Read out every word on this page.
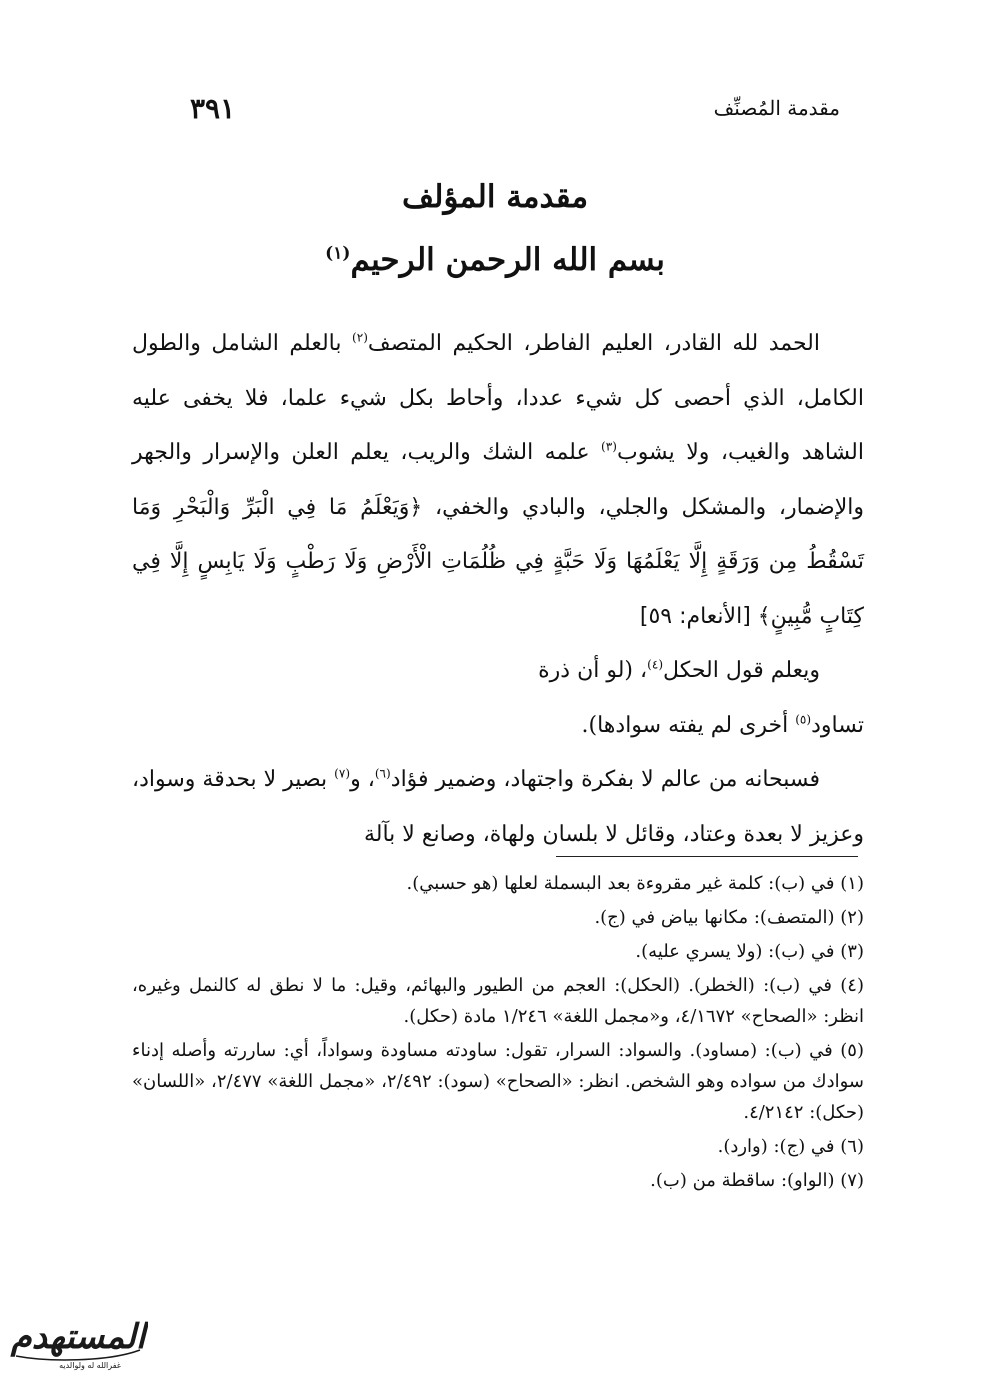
مقدمة المُصنِّف
٣٩١
مقدمة المؤلف
بسم الله الرحمن الرحيم$^{(١)}$

الحمد لله القادر، العليم الفاطر، الحكيم المتصف$^{(٢)}$ بالعلم الشامل والطول الكامل، الذي أحصى كل شيء عددا، وأحاط بكل شيء علما، فلا يخفى عليه الشاهد والغيب، ولا يشوب$^{(٣)}$ علمه الشك والريب، يعلم العلن والإسرار والجهر والإضمار، والمشكل والجلي، والبادي والخفي، ﴿وَيَعْلَمُ مَا فِي الْبَرِّ وَالْبَحْرِ وَمَا تَسْقُطُ مِن وَرَقَةٍ إِلَّا يَعْلَمُهَا وَلَا حَبَّةٍ فِي ظُلُمَاتِ الْأَرْضِ وَلَا رَطْبٍ وَلَا يَابِسٍ إِلَّا فِي كِتَابٍ مُّبِينٍ﴾ [الأنعام: ٥٩]

ويعلم قول الحكل$^{(٤)}$، (لو أن ذرة

تساود$^{(٥)}$ أخرى لم يفته سوادها).

فسبحانه من عالم لا بفكرة واجتهاد، وضمير فؤاد$^{(٦)}$، و$^{(٧)}$ بصير لا بحدقة وسواد، وعزيز لا بعدة وعتاد، وقائل لا بلسان ولهاة، وصانع لا بآلة

(١) في (ب): كلمة غير مقروءة بعد البسملة لعلها (هو حسبي).

(٢) (المتصف): مكانها بياض في (ج).

(٣) في (ب): (ولا يسري عليه).

(٤) في (ب): (الخطر). (الحكل): العجم من الطيور والبهائم، وقيل: ما لا نطق له كالنمل وغيره، انظر: «الصحاح» ٤/١٦٧٢، و«مجمل اللغة» ١/٢٤٦ مادة (حكل).

(٥) في (ب): (مساود). والسواد: السرار، تقول: ساودته مساودة وسواداً، أي: ساررته وأصله إدناء سوادك من سواده وهو الشخص. انظر: «الصحاح» (سود): ٢/٤٩٢، «مجمل اللغة» ٢/٤٧٧، «اللسان» (حكل): ٤/٢١٤٢.

(٦) في (ج): (وارد).

(٧) (الواو): ساقطة من (ب).

المستهدم
غفرالله له ولوالديه
